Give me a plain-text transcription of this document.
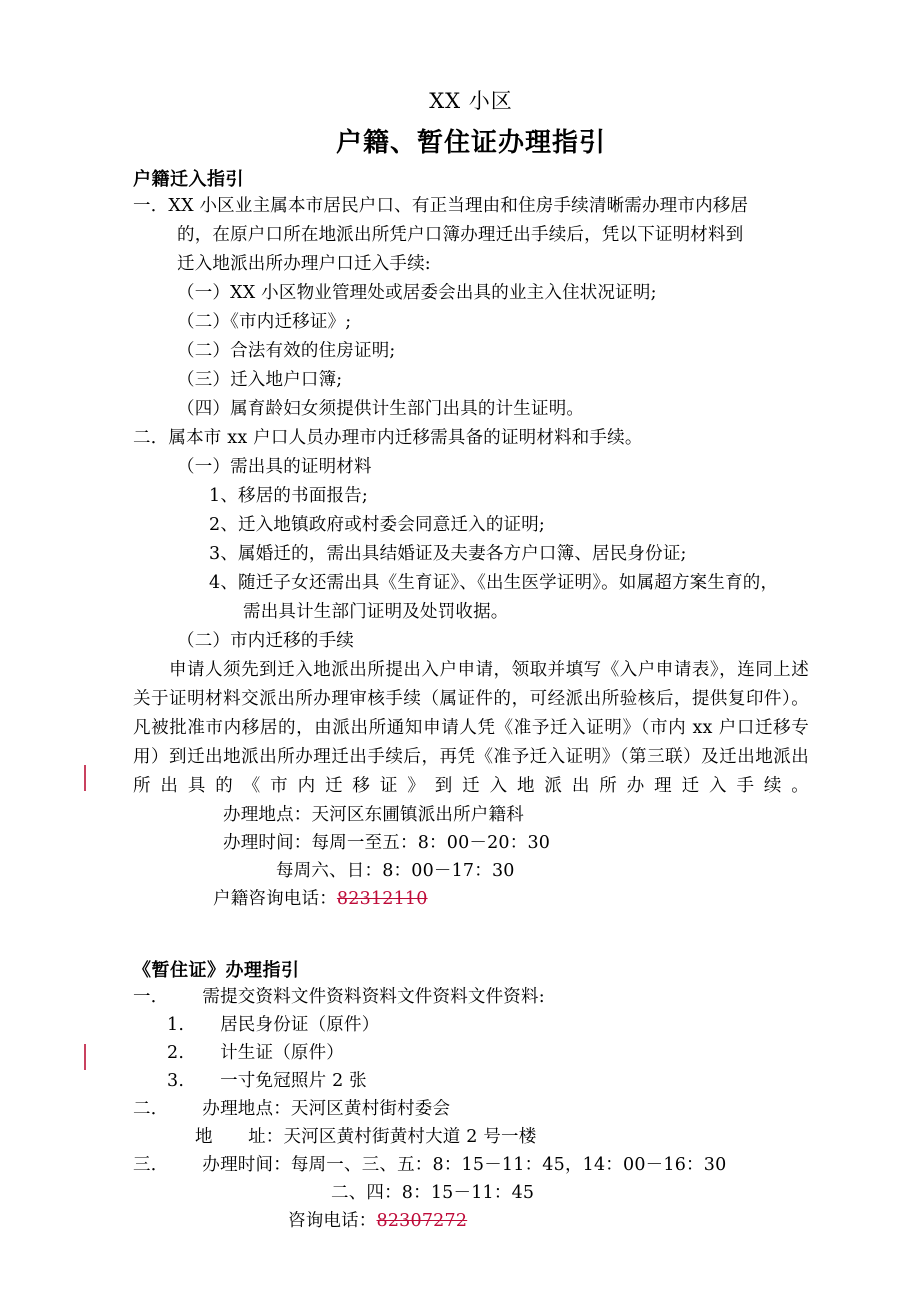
XX 小区
户籍、暂住证办理指引
户籍迁入指引
一．XX 小区业主属本市居民户口、有正当理由和住房手续清晰需办理市内移居
的，在原户口所在地派出所凭户口簿办理迁出手续后，凭以下证明材料到
迁入地派出所办理户口迁入手续:
（一）XX 小区物业管理处或居委会出具的业主入住状况证明;
（二）《市内迁移证》;
（二）合法有效的住房证明;
（三）迁入地户口簿;
（四）属育龄妇女须提供计生部门出具的计生证明。
二．属本市 xx 户口人员办理市内迁移需具备的证明材料和手续。
（一）需出具的证明材料
1、移居的书面报告;
2、迁入地镇政府或村委会同意迁入的证明;
3、属婚迁的，需出具结婚证及夫妻各方户口簿、居民身份证;
4、随迁子女还需出具《生育证》、《出生医学证明》。如属超方案生育的，
需出具计生部门证明及处罚收据。
（二）市内迁移的手续
申请人须先到迁入地派出所提出入户申请，领取并填写《入户申请表》，连同上述关于证明材料交派出所办理审核手续（属证件的，可经派出所验核后，提供复印件）。凡被批准市内移居的，由派出所通知申请人凭《准予迁入证明》（市内 xx 户口迁移专用）到迁出地派出所办理迁出手续后，再凭《准予迁入证明》（第三联）及迁出地派出所出具的《市内迁移证》到迁入地派出所办理迁入手续。
办理地点：天河区东圃镇派出所户籍科
办理时间：每周一至五：8：00－20：30
每周六、日：8：00－17：30
户籍咨询电话：82312110
《暂住证》办理指引
一． 需提交资料文件资料资料文件资料文件资料:
1. 居民身份证（原件）
2. 计生证（原件）
3. 一寸免冠照片 2 张
二． 办理地点：天河区黄村街村委会
地　　址：天河区黄村街黄村大道 2 号一楼
三． 办理时间：每周一、三、五：8：15－11：45，14：00－16：30
二、四：8：15－11：45
咨询电话：82307272
